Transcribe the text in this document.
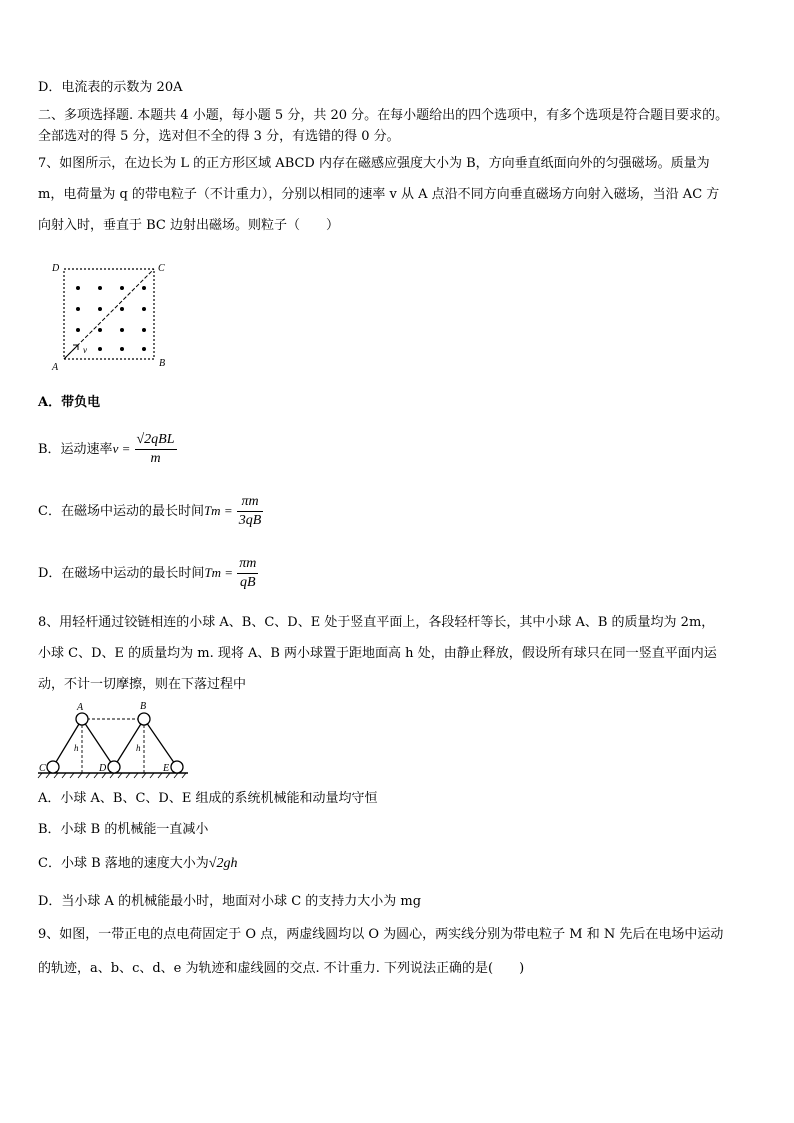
D．电流表的示数为 20A
二、多项选择题. 本题共 4 小题，每小题 5 分，共 20 分。在每小题给出的四个选项中，有多个选项是符合题目要求的。
全部选对的得 5 分，选对但不全的得 3 分，有选错的得 0 分。
7、如图所示，在边长为 L 的正方形区域 ABCD 内存在磁感应强度大小为 B，方向垂直纸面向外的匀强磁场。质量为
m，电荷量为 q 的带电粒子（不计重力），分别以相同的速率 v 从 A 点沿不同方向垂直磁场方向射入磁场，当沿 AC 方
向射入时，垂直于 BC 边射出磁场。则粒子（　　）
D	C
A	B
v
A．带负电
B．运动速率$v = \frac{\text{√2qBL}}{m}$
C．在磁场中运动的最长时间$Tm = \frac{\pi m}{3qB}$
D．在磁场中运动的最长时间$Tm = \frac{\pi m}{qB}$
8、用轻杆通过铰链相连的小球 A、B、C、D、E 处于竖直平面上，各段轻杆等长，其中小球 A、B 的质量均为 2m，
小球 C、D、E 的质量均为 m. 现将 A、B 两小球置于距地面高 h 处，由静止释放，假设所有球只在同一竖直平面内运
动，不计一切摩擦，则在下落过程中
A	B
C	D	E
h	h
A．小球 A、B、C、D、E 组成的系统机械能和动量均守恒
B．小球 B 的机械能一直减小
C．小球 B 落地的速度大小为√2gh
D．当小球 A 的机械能最小时，地面对小球 C 的支持力大小为 mg
9、如图，一带正电的点电荷固定于 O 点，两虚线圆均以 O 为圆心，两实线分别为带电粒子 M 和 N 先后在电场中运动
的轨迹，a、b、c、d、e 为轨迹和虚线圆的交点. 不计重力. 下列说法正确的是(　　)
